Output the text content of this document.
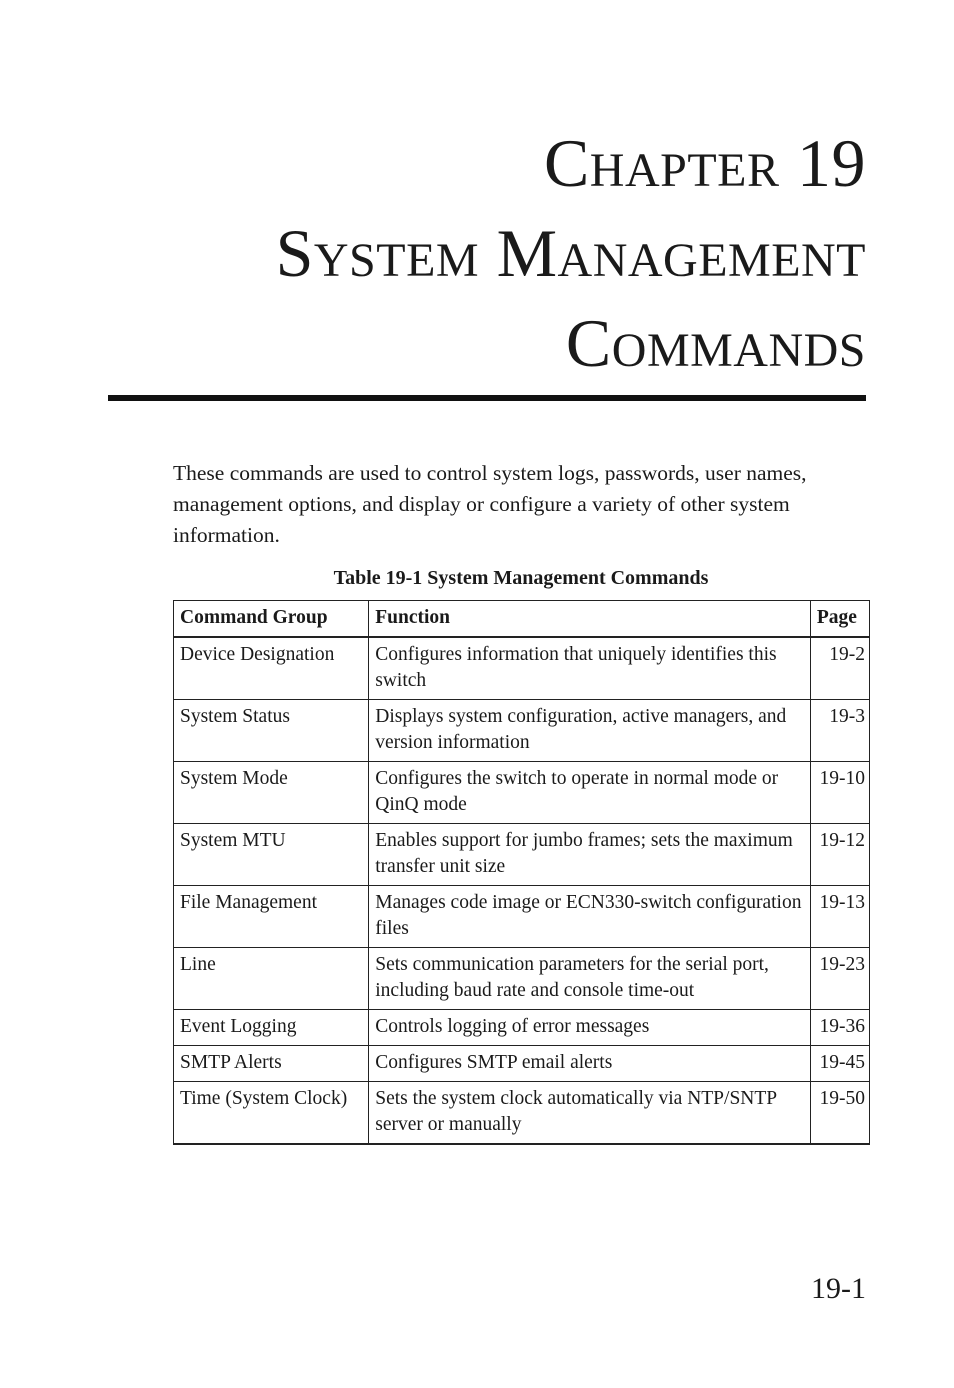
Chapter 19
System Management
Commands

These commands are used to control system logs, passwords, user names, management options, and display or configure a variety of other system information.

Table 19-1 System Management Commands

Command Group	Function	Page
Device Designation	Configures information that uniquely identifies this switch	19-2
System Status	Displays system configuration, active managers, and version information	19-3
System Mode	Configures the switch to operate in normal mode or QinQ mode	19-10
System MTU	Enables support for jumbo frames; sets the maximum transfer unit size	19-12
File Management	Manages code image or ECN330-switch configuration files	19-13
Line	Sets communication parameters for the serial port, including baud rate and console time-out	19-23
Event Logging	Controls logging of error messages	19-36
SMTP Alerts	Configures SMTP email alerts	19-45
Time (System Clock)	Sets the system clock automatically via NTP/SNTP server or manually	19-50

19-1
